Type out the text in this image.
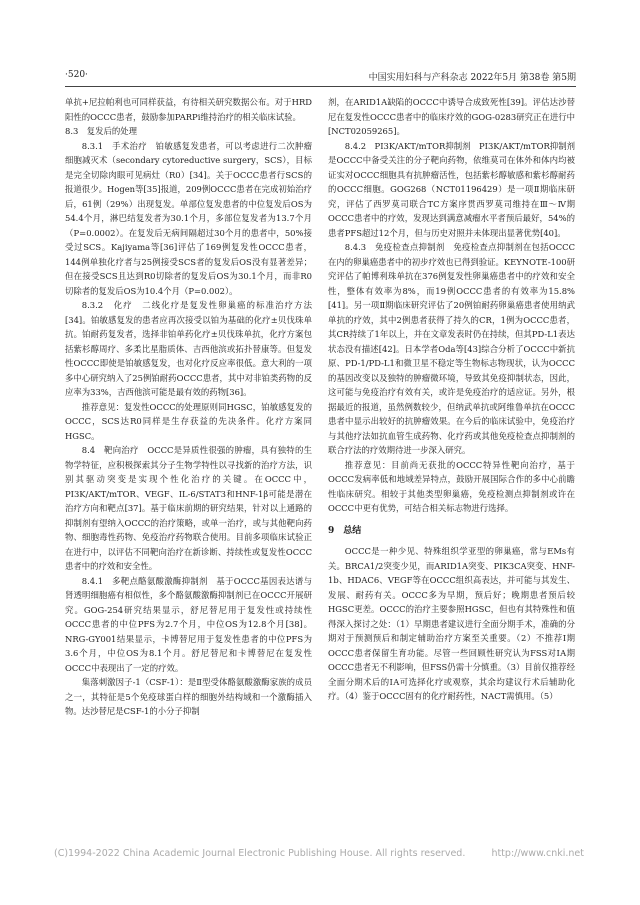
·520·	中国实用妇科与产科杂志 2022年5月 第38卷 第5期

单抗+尼拉帕利也可同样获益，有待相关研究数据公布。对于HRD阳性的OCCC患者，鼓励参加PARPi维持治疗的相关临床试验。

8.3　复发后的处理

8.3.1　手术治疗　铂敏感复发患者，可以考虑进行二次肿瘤细胞减灭术（secondary cytoreductive surgery，SCS），目标是完全切除肉眼可见病灶（R0）[34]。关于OCCC患者行SCS的报道很少。Hogen等[35]报道，209例OCCC患者在完成初始治疗后，61例（29%）出现复发。单部位复发患者的中位复发后OS为54.4个月，淋巴结复发者为30.1个月，多部位复发者为13.7个月（P=0.0002）。在复发后无病间隔超过30个月的患者中，50%接受过SCS。Kajiyama等[36]评估了169例复发性OCCC患者，144例单独化疗者与25例接受SCS者的复发后OS没有显著差异；但在接受SCS且达到R0切除者的复发后OS为30.1个月，而非R0切除者的复发后OS为10.4个月（P=0.002）。

8.3.2　化疗　二线化疗是复发性卵巢癌的标准治疗方法[34]。铂敏感复发的患者应再次接受以铂为基础的化疗±贝伐珠单抗。铂耐药复发者，选择非铂单药化疗±贝伐珠单抗，化疗方案包括紫杉醇周疗、多柔比星脂质体、吉西他滨或拓扑替康等。但复发性OCCC即使是铂敏感复发，也对化疗反应率很低。意大利的一项多中心研究纳入了25例铂耐药OCCC患者，其中对非铂类药物的反应率为33%，吉西他滨可能是最有效的药物[36]。

推荐意见：复发性OCCC的处理原则同HGSC，铂敏感复发的OCCC，SCS达R0同样是生存获益的先决条件。化疗方案同HGSC。

8.4　靶向治疗　OCCC是异质性很强的肿瘤，具有独特的生物学特征，应积极探索其分子生物学特性以寻找新的治疗方法，识别其驱动突变是实现个性化治疗的关键。在OCCC中，PI3K/AKT/mTOR、VEGF、IL-6/STAT3和HNF-1β可能是潜在治疗方向和靶点[37]。基于临床前期的研究结果，针对以上通路的抑制剂有望纳入OCCC的治疗策略，或单一治疗，或与其他靶向药物、细胞毒性药物、免疫治疗药物联合使用。目前多项临床试验正在进行中，以评估不同靶向治疗在新诊断、持续性或复发性OCCC患者中的疗效和安全性。

8.4.1　多靶点酪氨酸激酶抑制剂　基于OCCC基因表达谱与肾透明细胞癌有相似性，多个酪氨酸激酶抑制剂已在OCCC开展研究。GOG-254研究结果显示，舒尼替尼用于复发性或持续性OCCC患者的中位PFS为2.7个月，中位OS为12.8个月[38]。NRG-GY001结果显示，卡博替尼用于复发性患者的中位PFS为3.6个月，中位OS为8.1个月。舒尼替尼和卡博替尼在复发性OCCC中表现出了一定的疗效。

集落刺激因子-1（CSF-1）：是Ⅱ型受体酪氨酸激酶家族的成员之一，其特征是5个免疫球蛋白样的细胞外结构域和一个激酶插入物。达沙替尼是CSF-1的小分子抑制

剂，在ARID1A缺陷的OCCC中诱导合成致死性[39]。评估达沙替尼在复发性OCCC患者中的临床疗效的GOG-0283研究正在进行中[NCT02059265]。

8.4.2　PI3K/AKT/mTOR抑制剂　PI3K/AKT/mTOR抑制剂是OCCC中备受关注的分子靶向药物，依维莫司在体外和体内均被证实对OCCC细胞具有抗肿瘤活性，包括紫杉醇敏感和紫杉醇耐药的OCCC细胞。GOG268（NCT01196429）是一项Ⅱ期临床研究，评估了西罗莫司联合TC方案序贯西罗莫司维持在Ⅲ～Ⅳ期OCCC患者中的疗效，发现达到满意减瘤水平者预后最好，54%的患者PFS超过12个月，但与历史对照并未体现出显著优势[40]。

8.4.3　免疫检查点抑制剂　免疫检查点抑制剂在包括OCCC在内的卵巢癌患者中的初步疗效也已得到验证。KEYNOTE-100研究评估了帕博利珠单抗在376例复发性卵巢癌患者中的疗效和安全性，整体有效率为8%，而19例OCCC患者的有效率为15.8%[41]。另一项Ⅱ期临床研究评估了20例铂耐药卵巢癌患者使用纳武单抗的疗效，其中2例患者获得了持久的CR，1例为OCCC患者，其CR持续了1年以上，并在文章发表时仍在持续，但其PD-L1表达状态没有描述[42]。日本学者Oda等[43]综合分析了OCCC中新抗原、PD-1/PD-L1和微卫星不稳定等生物标志物现状，认为OCCC的基因改变以及独特的肿瘤微环境，导致其免疫抑制状态，因此，这可能与免疫治疗有效有关，或许是免疫治疗的适应证。另外，根据最近的报道，虽然例数较少，但纳武单抗或阿维鲁单抗在OCCC患者中显示出较好的抗肿瘤效果。在今后的临床试验中，免疫治疗与其他疗法如抗血管生成药物、化疗药或其他免疫检查点抑制剂的联合疗法的疗效期待进一步深入研究。

推荐意见：目前尚无获批的OCCC特异性靶向治疗，基于OCCC发病率低和地域差异特点，鼓励开展国际合作的多中心前瞻性临床研究。相较于其他类型卵巢癌，免疫检测点抑制剂或许在OCCC中更有优势，可结合相关标志物进行选择。

9　总结

OCCC是一种少见、特殊组织学亚型的卵巢癌，常与EMs有关。BRCA1/2突变少见，而ARID1A突变、PIK3CA突变、HNF-1b、HDAC6、VEGF等在OCCC组织高表达，并可能与其发生、发展、耐药有关。OCCC多为早期，预后好；晚期患者预后较HGSC更差。OCCC的治疗主要参照HGSC，但也有其特殊性和值得深入探讨之处：（1）早期患者建议进行全面分期手术，准确的分期对于预测预后和制定辅助治疗方案至关重要。（2）不推荐Ⅰ期OCCC患者保留生育功能。尽管一些回顾性研究认为FSS对ⅠA期OCCC患者无不利影响，但FSS仍需十分慎重。（3）目前仅推荐经全面分期术后的ⅠA可选择化疗或观察，其余均建议行术后辅助化疗。（4）鉴于OCCC固有的化疗耐药性，NACT需慎用。（5）

(C)1994-2022 China Academic Journal Electronic Publishing House. All rights reserved.	http://www.cnki.net
